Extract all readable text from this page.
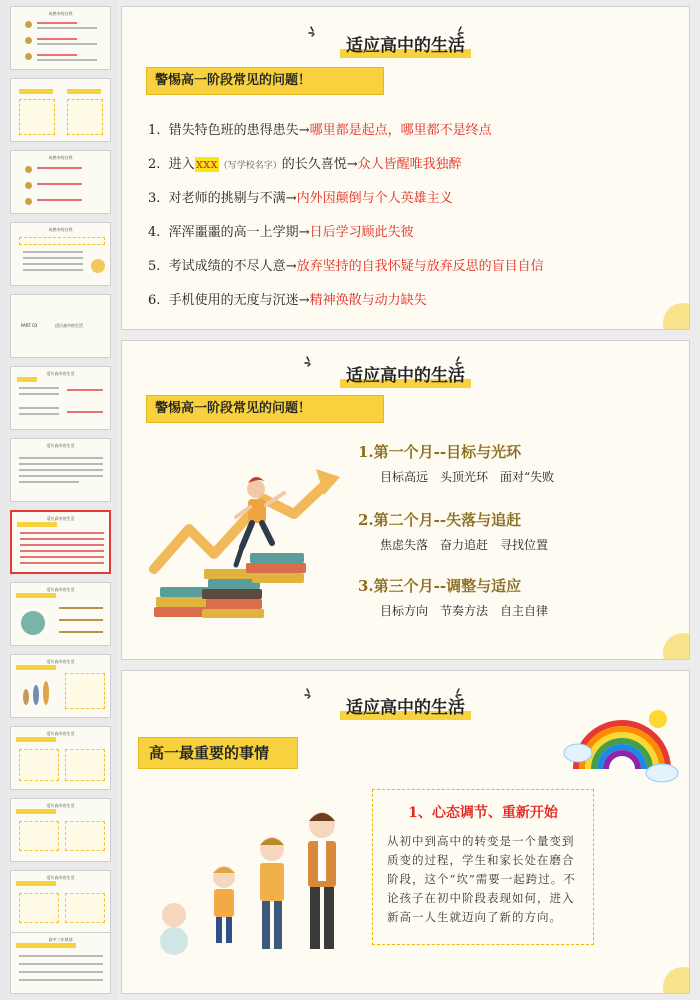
成熟中的自我
成熟中的自我
成熟中的自我
PART 03	适应高中的生活
适应高中的生活
适应高中的生活
适应高中的生活
适应高中的生活
适应高中的生活
适应高中的生活
适应高中的生活
适应高中的生活
高中三年规划
适应高中的生活
警惕高一阶段常见的问题！
1. 错失特色班的患得患失→哪里都是起点，哪里都不是终点
2. 进入xxx（写学校名字）的长久喜悦→众人皆醒唯我独醉
3. 对老师的挑剔与不满→内外因颠倒与个人英雄主义
4. 浑浑噩噩的高一上学期→日后学习顾此失彼
5. 考试成绩的不尽人意→放弃坚持的自我怀疑与放弃反思的盲目自信
6. 手机使用的无度与沉迷→精神涣散与动力缺失
适应高中的生活
警惕高一阶段常见的问题！
1.第一个月--目标与光环
目标高远　头顶光环　面对“失败
2.第二个月--失落与追赶
焦虑失落　奋力追赶　寻找位置
3.第三个月--调整与适应
目标方向　节奏方法　自主自律
适应高中的生活
高一最重要的事情
1、心态调节、重新开始
从初中到高中的转变是一个量变到质变的过程，学生和家长处在磨合阶段，这个“坎”需要一起跨过。不论孩子在初中阶段表现如何，进入新高一人生就迈向了新的方向。
